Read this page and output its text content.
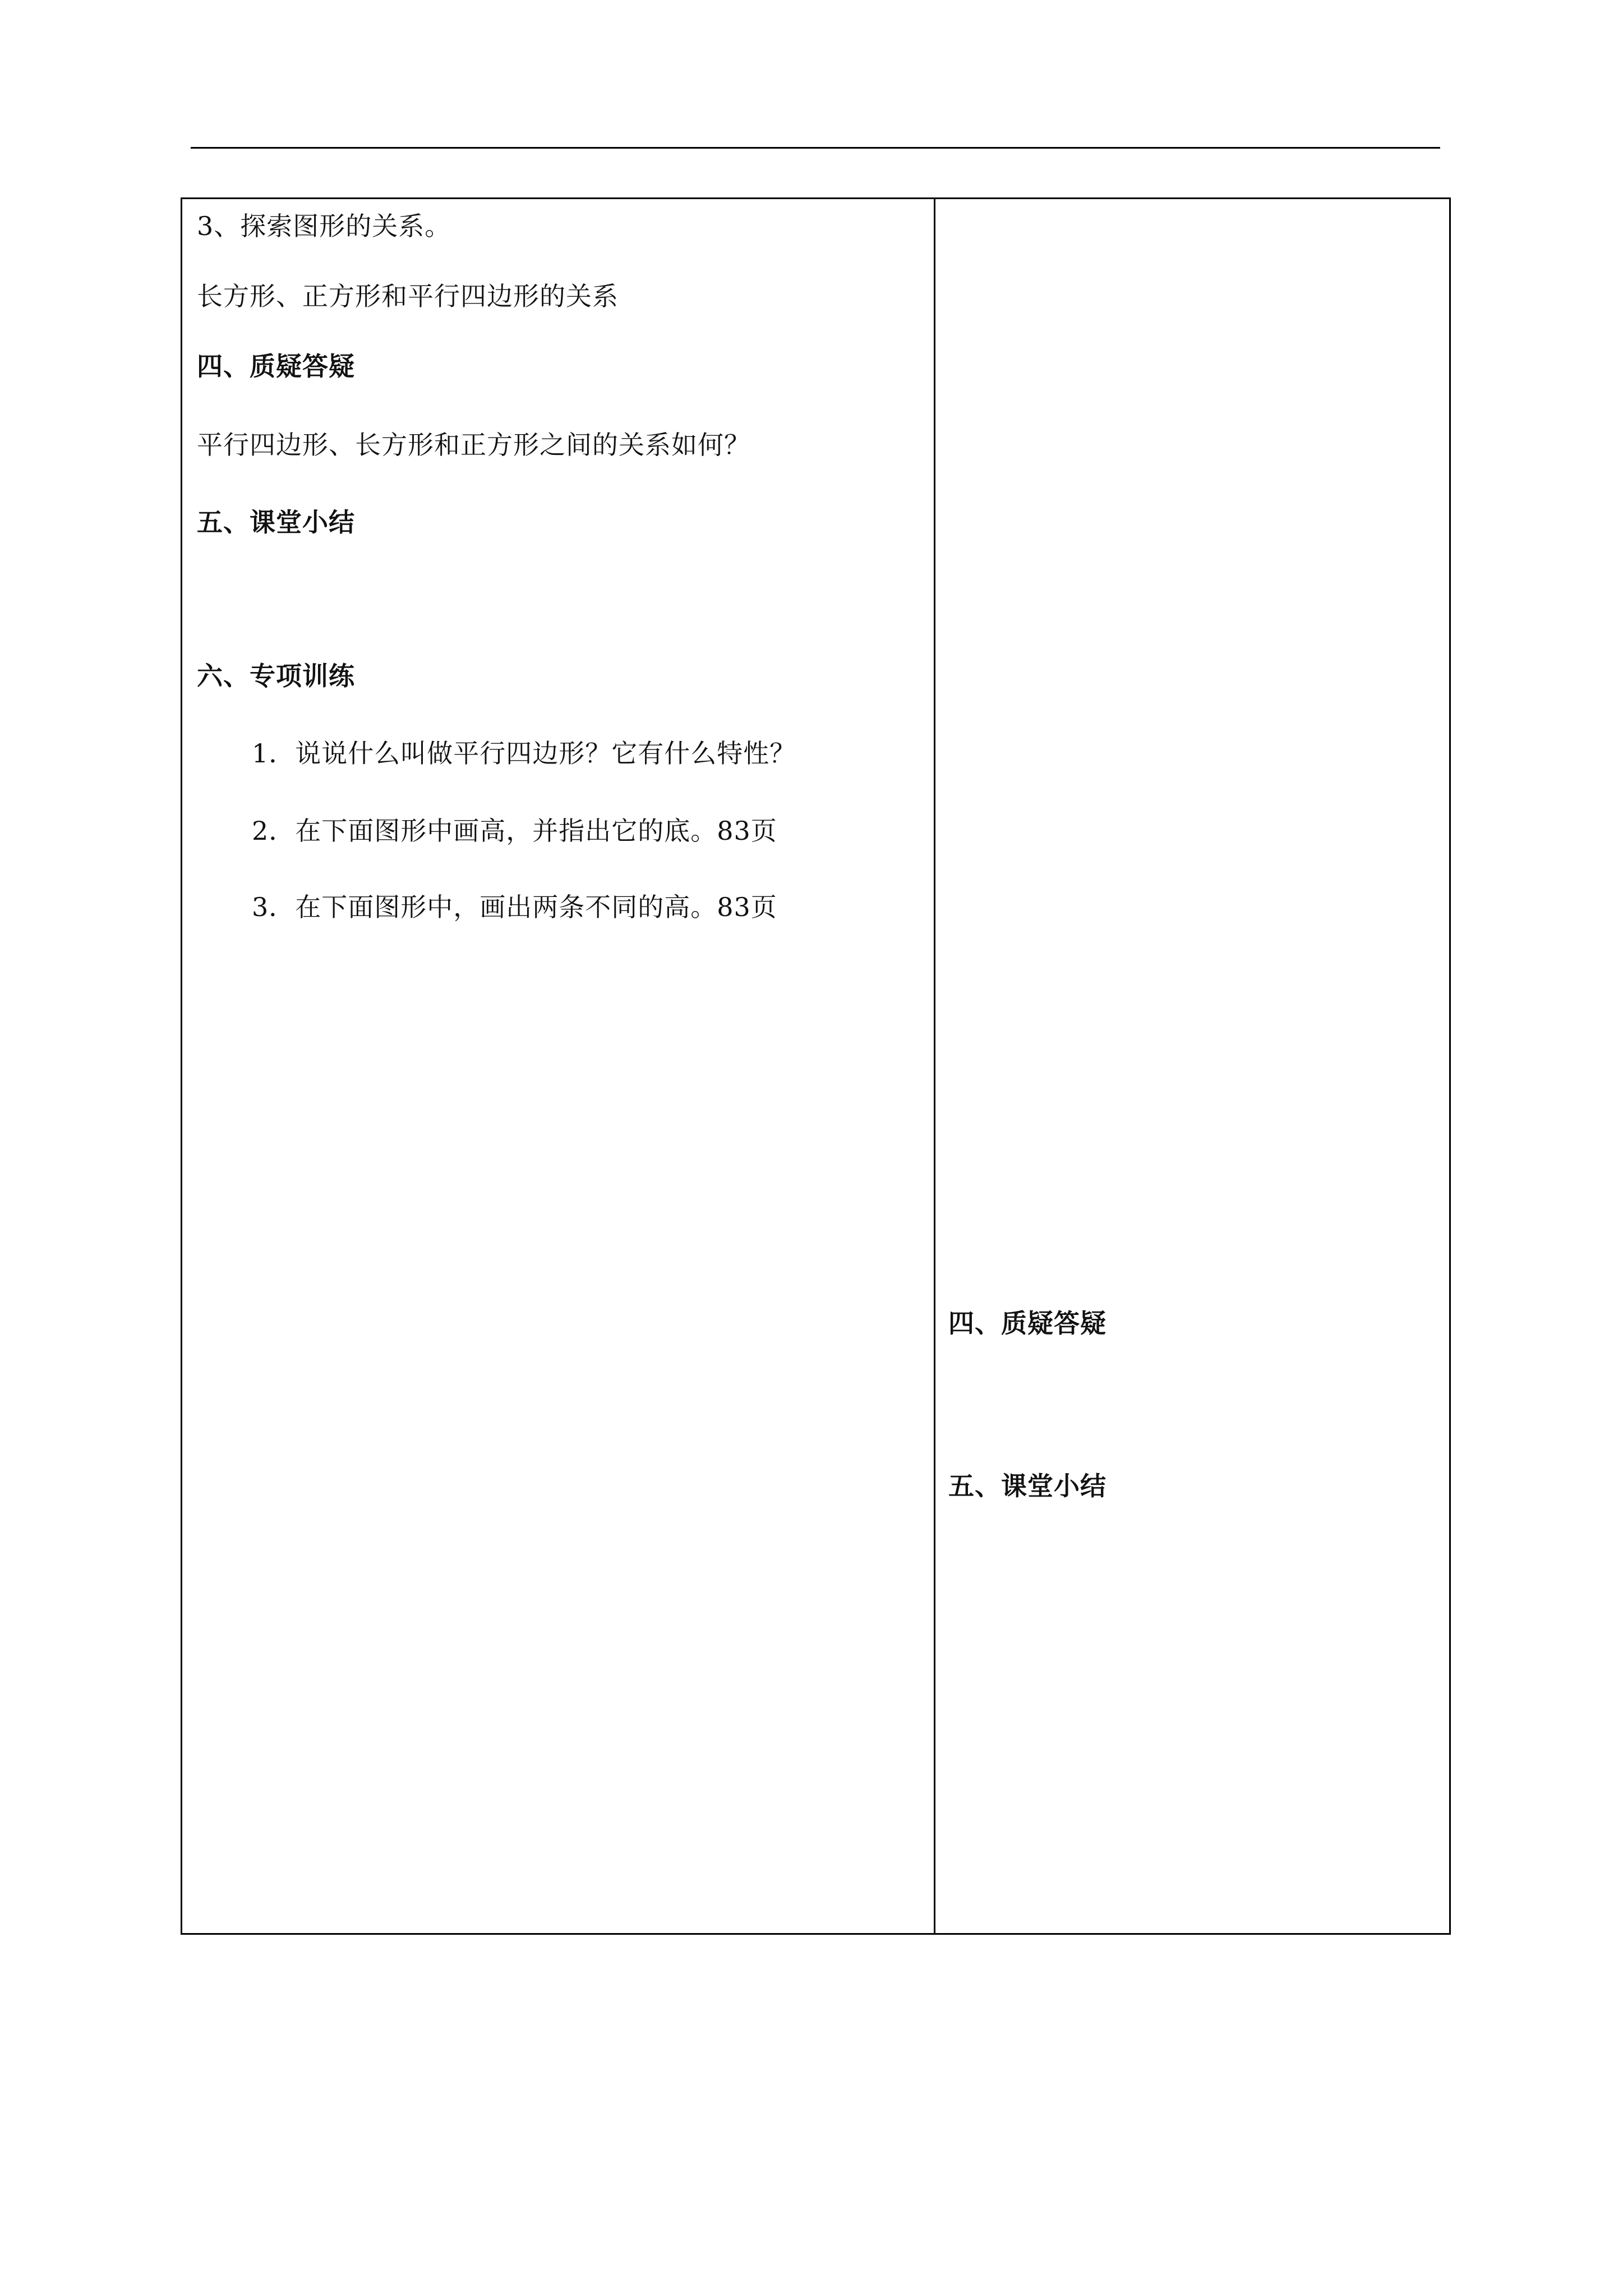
3、探索图形的关系。
长方形、正方形和平行四边形的关系
四、质疑答疑
平行四边形、长方形和正方形之间的关系如何？
五、课堂小结
六、专项训练
1．说说什么叫做平行四边形？它有什么特性？
2．在下面图形中画高，并指出它的底。83页
3．在下面图形中，画出两条不同的高。83页
四、质疑答疑
五、课堂小结
